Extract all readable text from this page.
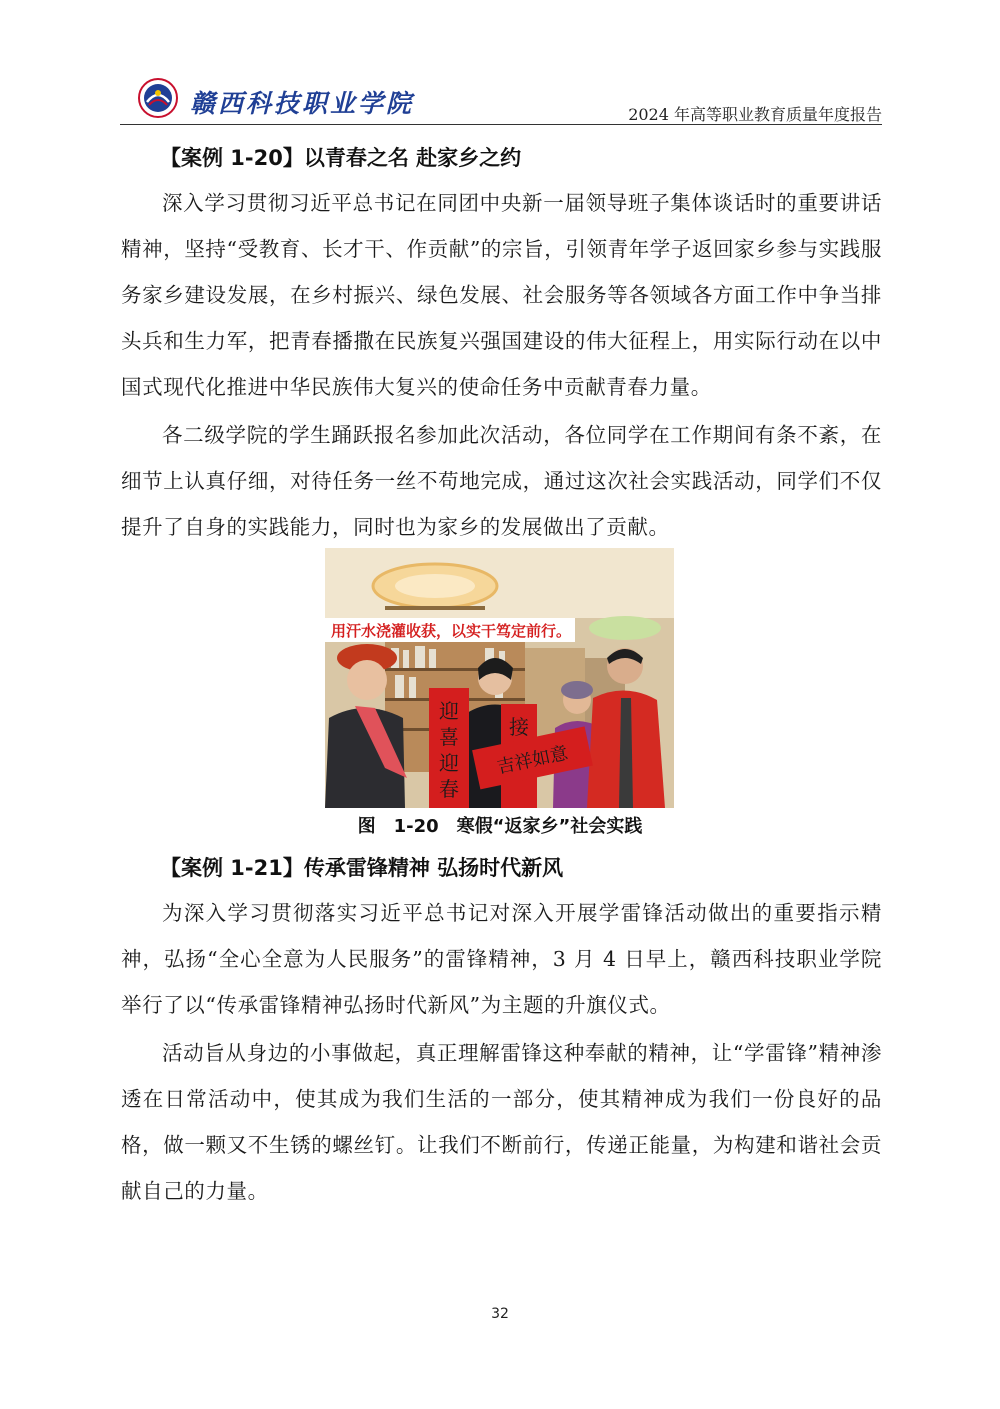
赣西科技职业学院	2024 年高等职业教育质量年度报告
【案例 1-20】以青春之名 赴家乡之约

深入学习贯彻习近平总书记在同团中央新一届领导班子集体谈话时的重要讲话精神，坚持“受教育、长才干、作贡献”的宗旨，引领青年学子返回家乡参与实践服务家乡建设发展，在乡村振兴、绿色发展、社会服务等各领域各方面工作中争当排头兵和生力军，把青春播撒在民族复兴强国建设的伟大征程上，用实际行动在以中国式现代化推进中华民族伟大复兴的使命任务中贡献青春力量。

各二级学院的学生踊跃报名参加此次活动，各位同学在工作期间有条不紊，在细节上认真仔细，对待任务一丝不苟地完成，通过这次社会实践活动，同学们不仅提升了自身的实践能力，同时也为家乡的发展做出了贡献。

用汗水浇灌收获，以实干笃定前行。
迎喜迎春
接
吉祥如意
图　1-20　寒假“返家乡”社会实践
【案例 1-21】传承雷锋精神 弘扬时代新风

为深入学习贯彻落实习近平总书记对深入开展学雷锋活动做出的重要指示精神，弘扬“全心全意为人民服务”的雷锋精神，3 月 4 日早上，赣西科技职业学院举行了以“传承雷锋精神弘扬时代新风”为主题的升旗仪式。

活动旨从身边的小事做起，真正理解雷锋这种奉献的精神，让“学雷锋”精神渗透在日常活动中，使其成为我们生活的一部分，使其精神成为我们一份良好的品格，做一颗又不生锈的螺丝钉。让我们不断前行，传递正能量，为构建和谐社会贡献自己的力量。

32
